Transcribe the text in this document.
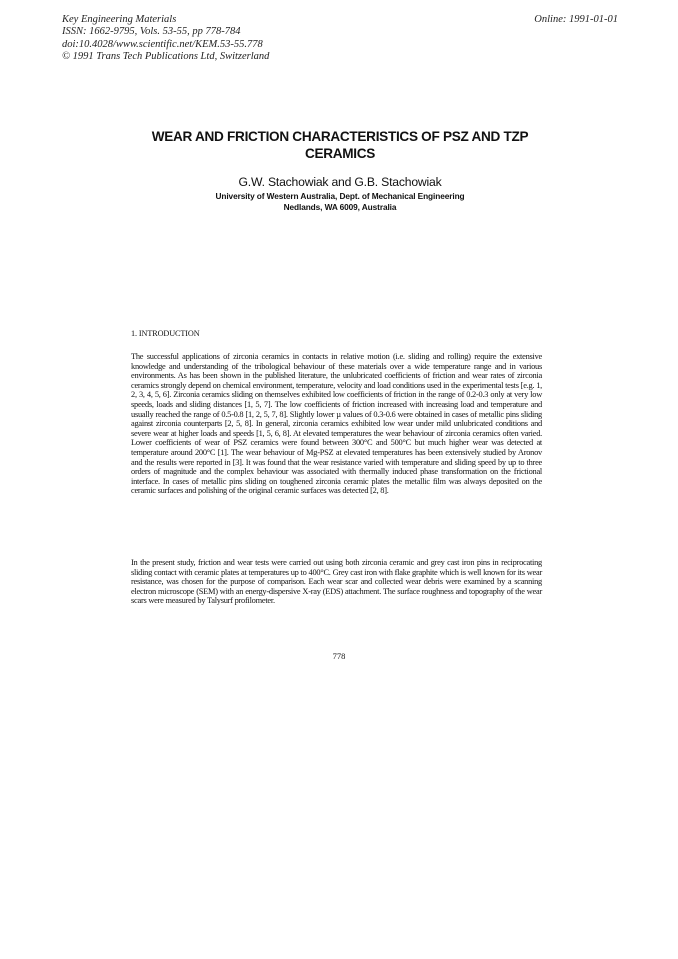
Key Engineering Materials
ISSN: 1662-9795, Vols. 53-55, pp 778-784
doi:10.4028/www.scientific.net/KEM.53-55.778
© 1991 Trans Tech Publications Ltd, Switzerland
Online: 1991-01-01
WEAR AND FRICTION CHARACTERISTICS OF PSZ AND TZP
CERAMICS
G.W. Stachowiak and G.B. Stachowiak
University of Western Australia, Dept. of Mechanical Engineering
Nedlands, WA 6009, Australia
1. INTRODUCTION

The successful applications of zirconia ceramics in contacts in relative motion (i.e. sliding and rolling) require the extensive knowledge and understanding of the tribological behaviour of these materials over a wide temperature range and in various environments. As has been shown in the published literature, the unlubricated coefficients of friction and wear rates of zirconia ceramics strongly depend on chemical environment, temperature, velocity and load conditions used in the experimental tests [e.g. 1, 2, 3, 4, 5, 6]. Zirconia ceramics sliding on themselves exhibited low coefficients of friction in the range of 0.2-0.3 only at very low speeds, loads and sliding distances [1, 5, 7]. The low coefficients of friction increased with increasing load and temperature and usually reached the range of 0.5-0.8 [1, 2, 5, 7, 8]. Slightly lower µ values of 0.3-0.6 were obtained in cases of metallic pins sliding against zirconia counterparts [2, 5, 8]. In general, zirconia ceramics exhibited low wear under mild unlubricated conditions and severe wear at higher loads and speeds [1, 5, 6, 8]. At elevated temperatures the wear behaviour of zirconia ceramics often varied. Lower coefficients of wear of PSZ ceramics were found between 300°C and 500°C but much higher wear was detected at temperature around 200°C [1]. The wear behaviour of Mg-PSZ at elevated temperatures has been extensively studied by Aronov and the results were reported in [3]. It was found that the wear resistance varied with temperature and sliding speed by up to three orders of magnitude and the complex behaviour was associated with thermally induced phase transformation on the frictional interface. In cases of metallic pins sliding on toughened zirconia ceramic plates the metallic film was always deposited on the ceramic surfaces and polishing of the original ceramic surfaces was detected [2, 8].

In the present study, friction and wear tests were carried out using both zirconia ceramic and grey cast iron pins in reciprocating sliding contact with ceramic plates at temperatures up to 400°C. Grey cast iron with flake graphite which is well known for its wear resistance, was chosen for the purpose of comparison. Each wear scar and collected wear debris were examined by a scanning electron microscope (SEM) with an energy-dispersive X-ray (EDS) attachment. The surface roughness and topography of the wear scars were measured by Talysurf profilometer.

778
